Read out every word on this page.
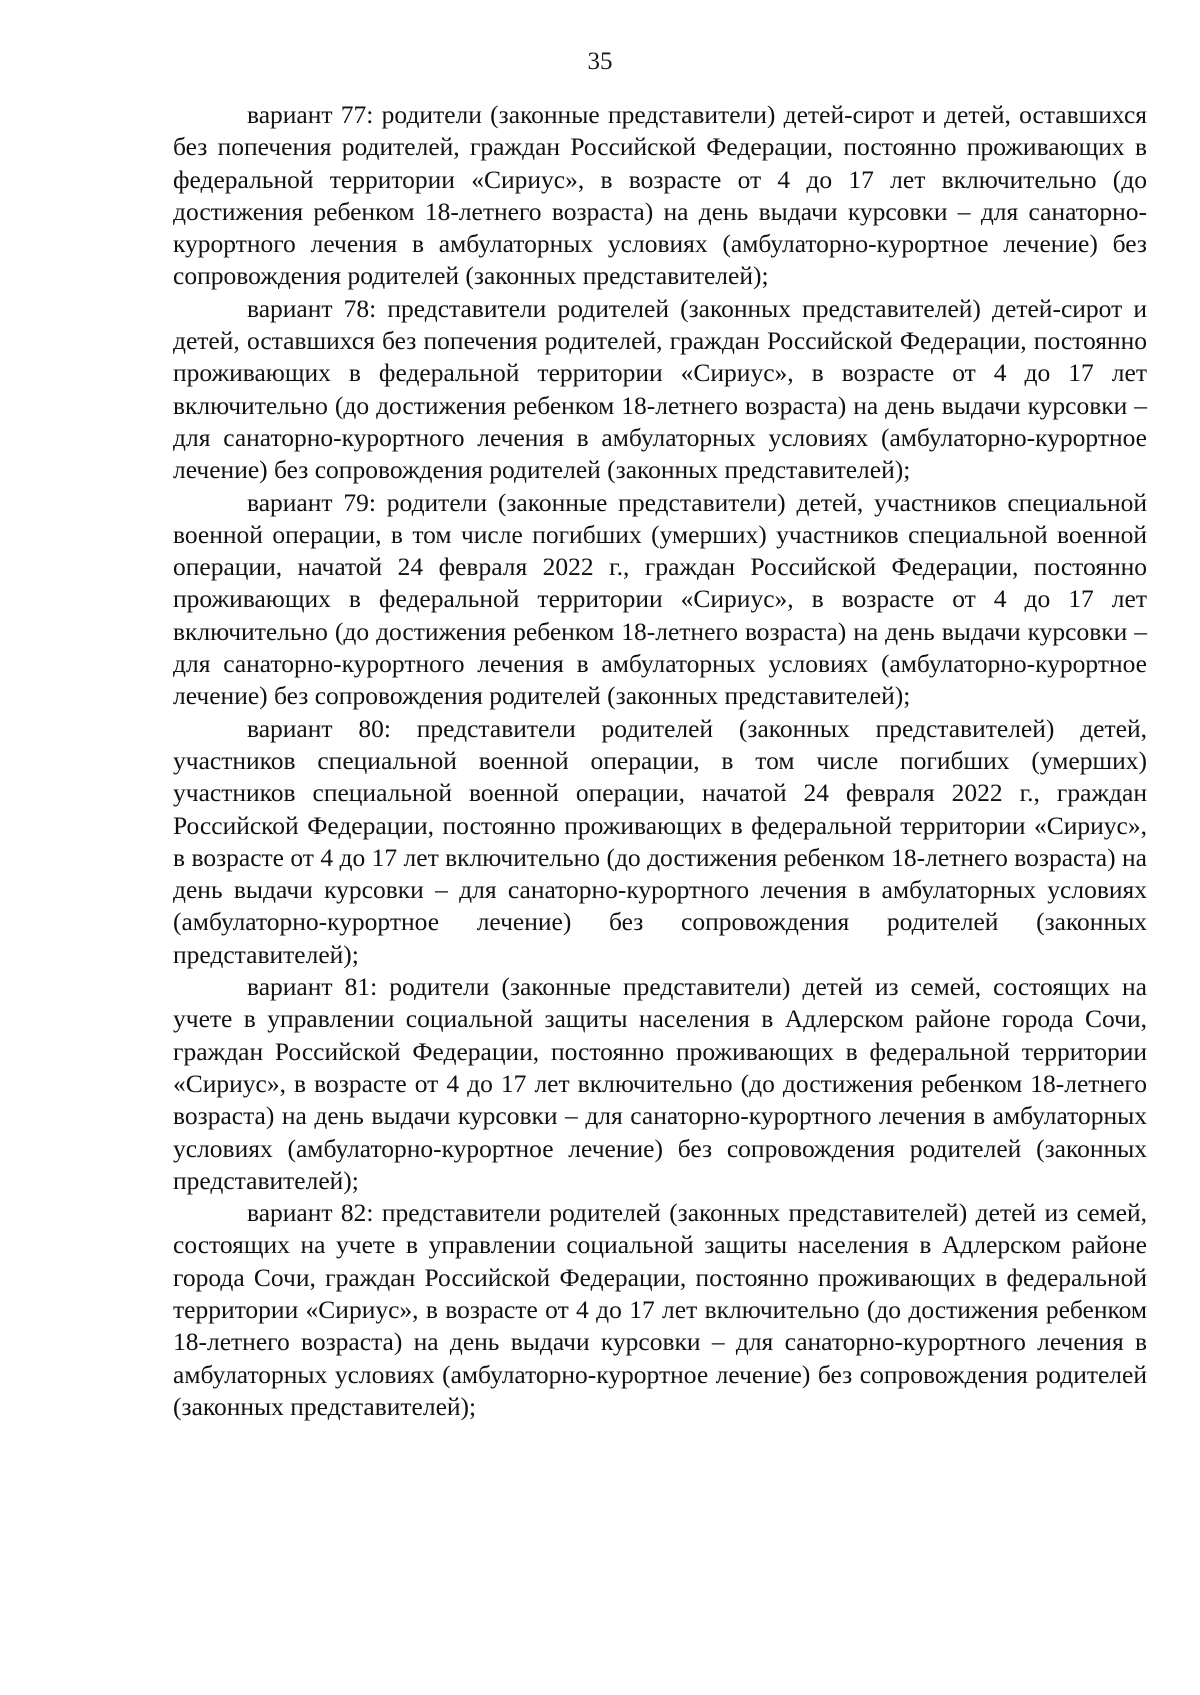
35

вариант 77: родители (законные представители) детей-сирот и детей, оставшихся без попечения родителей, граждан Российской Федерации, постоянно проживающих в федеральной территории «Сириус», в возрасте от 4 до 17 лет включительно (до достижения ребенком 18-летнего возраста) на день выдачи курсовки – для санаторно-курортного лечения в амбулаторных условиях (амбулаторно-курортное лечение) без сопровождения родителей (законных представителей);

вариант 78: представители родителей (законных представителей) детей-сирот и детей, оставшихся без попечения родителей, граждан Российской Федерации, постоянно проживающих в федеральной территории «Сириус», в возрасте от 4 до 17 лет включительно (до достижения ребенком 18-летнего возраста) на день выдачи курсовки – для санаторно-курортного лечения в амбулаторных условиях (амбулаторно-курортное лечение) без сопровождения родителей (законных представителей);

вариант 79: родители (законные представители) детей, участников специальной военной операции, в том числе погибших (умерших) участников специальной военной операции, начатой 24 февраля 2022 г., граждан Российской Федерации, постоянно проживающих в федеральной территории «Сириус», в возрасте от 4 до 17 лет включительно (до достижения ребенком 18-летнего возраста) на день выдачи курсовки – для санаторно-курортного лечения в амбулаторных условиях (амбулаторно-курортное лечение) без сопровождения родителей (законных представителей);

вариант 80: представители родителей (законных представителей) детей, участников специальной военной операции, в том числе погибших (умерших) участников специальной военной операции, начатой 24 февраля 2022 г., граждан Российской Федерации, постоянно проживающих в федеральной территории «Сириус», в возрасте от 4 до 17 лет включительно (до достижения ребенком 18-летнего возраста) на день выдачи курсовки – для санаторно-курортного лечения в амбулаторных условиях (амбулаторно-курортное лечение) без сопровождения родителей (законных представителей);

вариант 81: родители (законные представители) детей из семей, состоящих на учете в управлении социальной защиты населения в Адлерском районе города Сочи, граждан Российской Федерации, постоянно проживающих в федеральной территории «Сириус», в возрасте от 4 до 17 лет включительно (до достижения ребенком 18-летнего возраста) на день выдачи курсовки – для санаторно-курортного лечения в амбулаторных условиях (амбулаторно-курортное лечение) без сопровождения родителей (законных представителей);

вариант 82: представители родителей (законных представителей) детей из семей, состоящих на учете в управлении социальной защиты населения в Адлерском районе города Сочи, граждан Российской Федерации, постоянно проживающих в федеральной территории «Сириус», в возрасте от 4 до 17 лет включительно (до достижения ребенком 18-летнего возраста) на день выдачи курсовки – для санаторно-курортного лечения в амбулаторных условиях (амбулаторно-курортное лечение) без сопровождения родителей (законных представителей);
